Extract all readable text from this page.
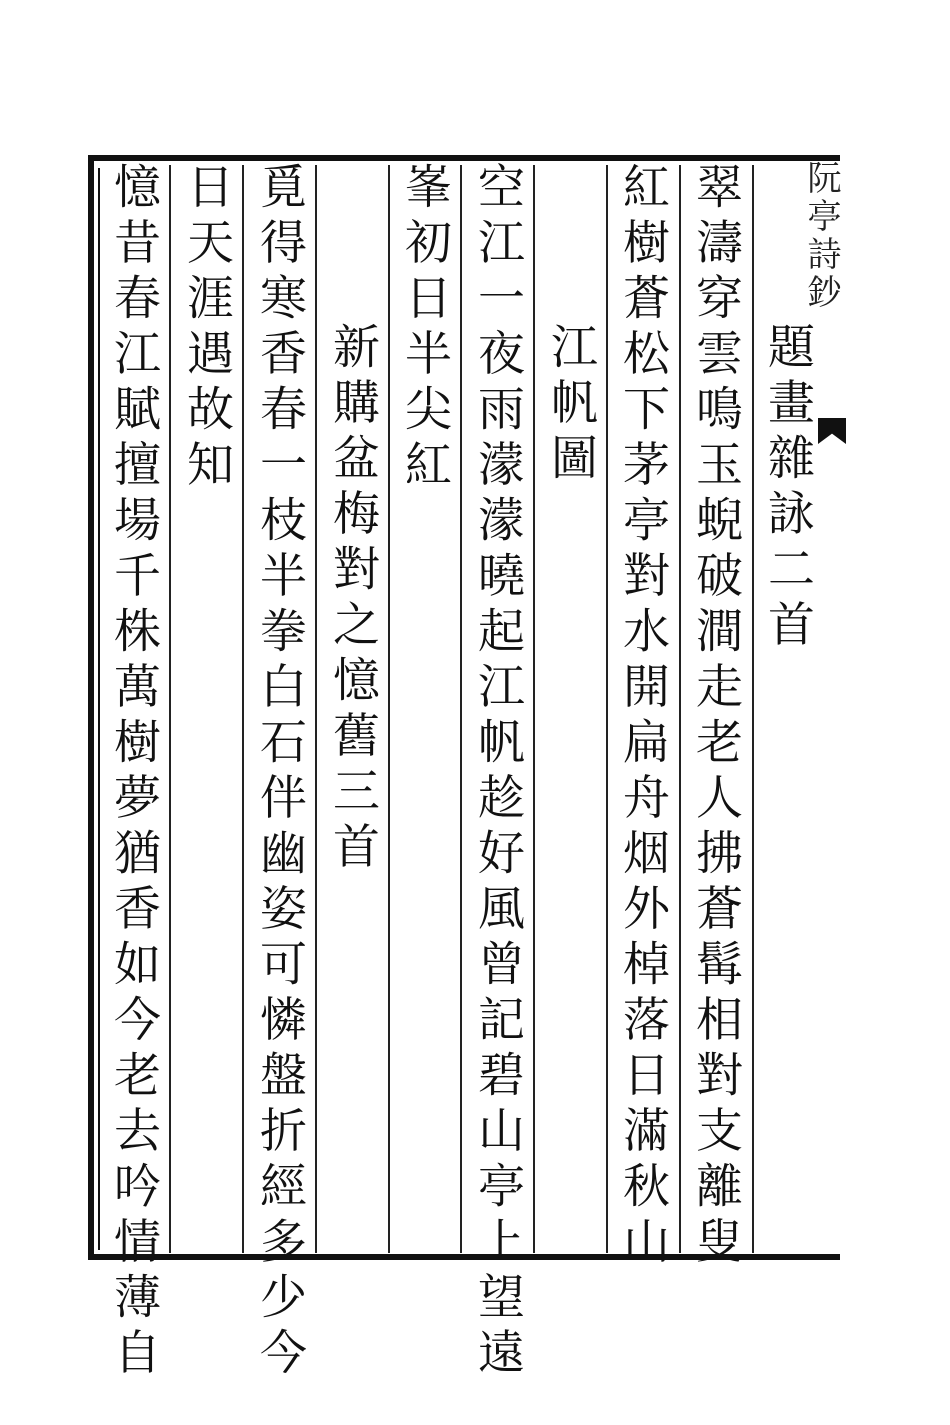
阮亭詩鈔
題畫雜詠二首
翠濤穿雲鳴玉蜺破澗走老人拂蒼髯相對支離叟
紅樹蒼松下茅亭對水開扁舟烟外棹落日滿秋山
江帆圖
空江一夜雨濛濛曉起江帆趁好風曾記碧山亭上望遠
峯初日半尖紅
新購盆梅對之憶舊三首
覓得寒香春一枝半拳白石伴幽姿可憐盤折經多少今
日天涯遇故知
憶昔春江賦擅場千株萬樹夢猶香如今老去吟情薄自
